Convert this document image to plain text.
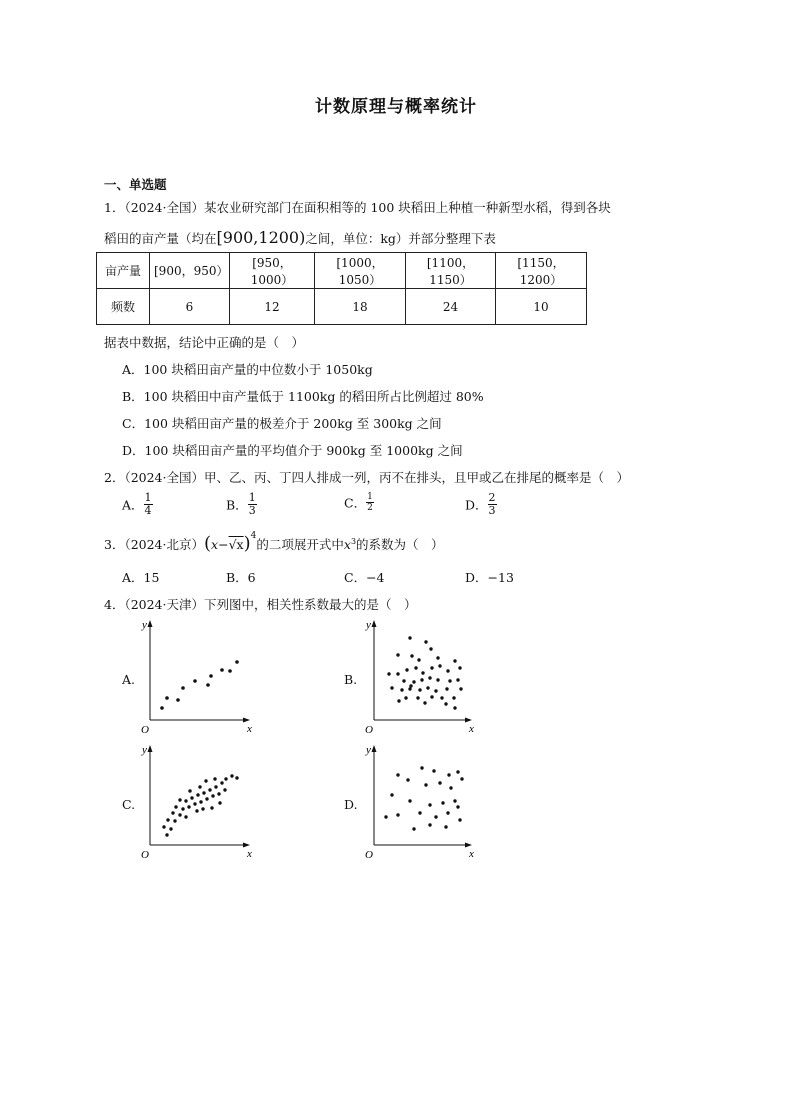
计数原理与概率统计
一、单选题
1．（2024·全国）某农业研究部门在面积相等的 100 块稻田上种植一种新型水稻，得到各块
稻田的亩产量（均在[900,1200)之间，单位：kg）并部分整理下表
亩产量	[900，950）	[950，1000）	[1000，1050）	[1100，1150）	[1150，1200）
频数	6	12	18	24	10
据表中数据，结论中正确的是（　）
A．100 块稻田亩产量的中位数小于 1050kg
B．100 块稻田中亩产量低于 1100kg 的稻田所占比例超过 80%
C．100 块稻田亩产量的极差介于 200kg 至 300kg 之间
D．100 块稻田亩产量的平均值介于 900kg 至 1000kg 之间
2．（2024·全国）甲、乙、丙、丁四人排成一列，丙不在排头，且甲或乙在排尾的概率是（　）
A． $\frac{1}{4}$	B． $\frac{1}{3}$	C． $\frac{1}{2}$	D． $\frac{2}{3}$
3．（2024·北京）$(x-√x)^4$的二项展开式中$x^3$的系数为（　）
A．15	B．6	C．−4	D．−13
4．（2024·天津）下列图中，相关性系数最大的是（　）
A.	B.
C.	D.
y
x
O
y
x
O
y
x
O
y
x
O
